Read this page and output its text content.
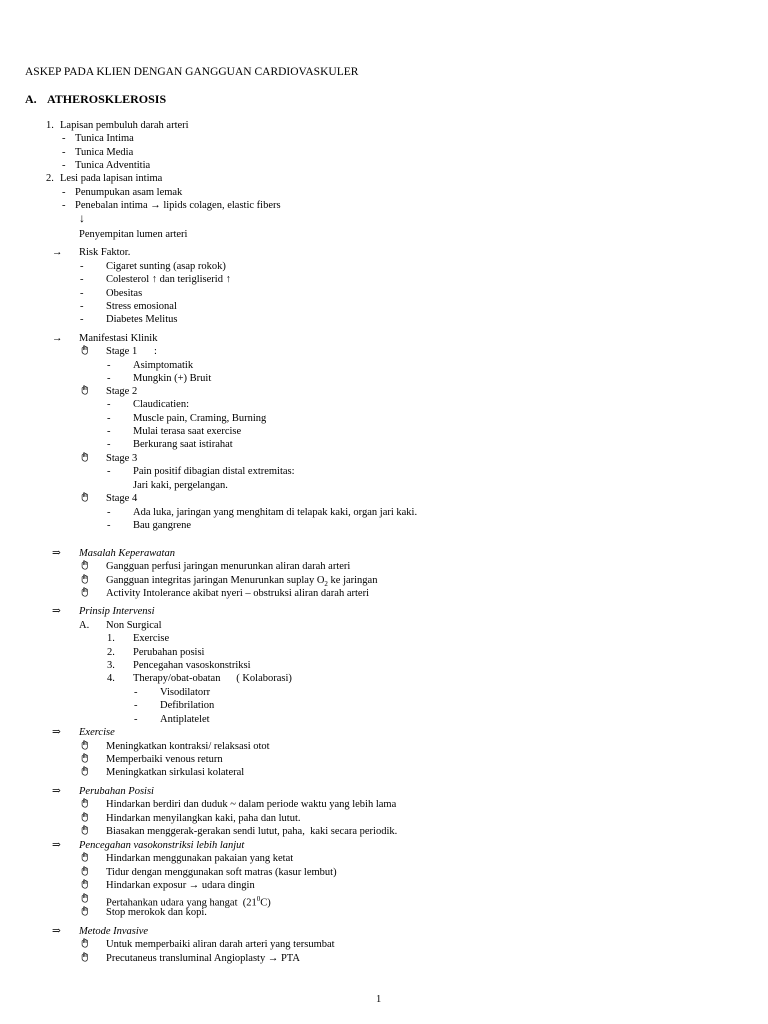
ASKEP PADA KLIEN DENGAN GANGGUAN CARDIOVASKULER
A. ATHEROSKLEROSIS
1. Lapisan pembuluh darah arteri
- Tunica Intima
- Tunica Media
- Tunica Adventitia
2. Lesi pada lapisan intima
- Penumpukan asam lemak
- Penebalan intima → lipids colagen, elastic fibers
↓
Penyempitan lumen arteri
→ Risk Faktor.
- Cigaret sunting (asap rokok)
- Colesterol ↑ dan terigliserid ↑
- Obesitas
- Stress emosional
- Diabetes Melitus
→ Manifestasi Klinik
Stage 1 :
- Asimptomatik
- Mungkin (+) Bruit
Stage 2
- Claudicatien:
- Muscle pain, Craming, Burning
- Mulai terasa saat exercise
- Berkurang saat istirahat
Stage 3
- Pain positif dibagian distal extremitas:
Jari kaki, pergelangan.
Stage 4
- Ada luka, jaringan yang menghitam di telapak kaki, organ jari kaki.
- Bau gangrene
⇒ Masalah Keperawatan
Gangguan perfusi jaringan menurunkan aliran darah arteri
Gangguan integritas jaringan Menurunkan suplay $O_2$ ke jaringan
Activity Intolerance akibat nyeri – obstruksi aliran darah arteri
⇒ Prinsip Intervensi
A. Non Surgical
1. Exercise
2. Perubahan posisi
3. Pencegahan vasoskonstriksi
4. Therapy/obat-obatan      ( Kolaborasi)
- Visodilatorr
- Defibrilation
- Antiplatelet
⇒ Exercise
Meningkatkan kontraksi/ relaksasi otot
Memperbaiki venous return
Meningkatkan sirkulasi kolateral
⇒ Perubahan Posisi
Hindarkan berdiri dan duduk ~ dalam periode waktu yang lebih lama
Hindarkan menyilangkan kaki, paha dan lutut.
Biasakan menggerak-gerakan sendi lutut, paha,  kaki secara periodik.
⇒ Pencegahan vasokonstriksi lebih lanjut
Hindarkan menggunakan pakaian yang ketat
Tidur dengan menggunakan soft matras (kasur lembut)
Hindarkan exposur → udara dingin
Pertahankan udara yang hangat  $(21^0C)$
Stop merokok dan kopi.
⇒ Metode Invasive
Untuk memperbaiki aliran darah arteri yang tersumbat
Precutaneus transluminal Angioplasty → PTA
1
